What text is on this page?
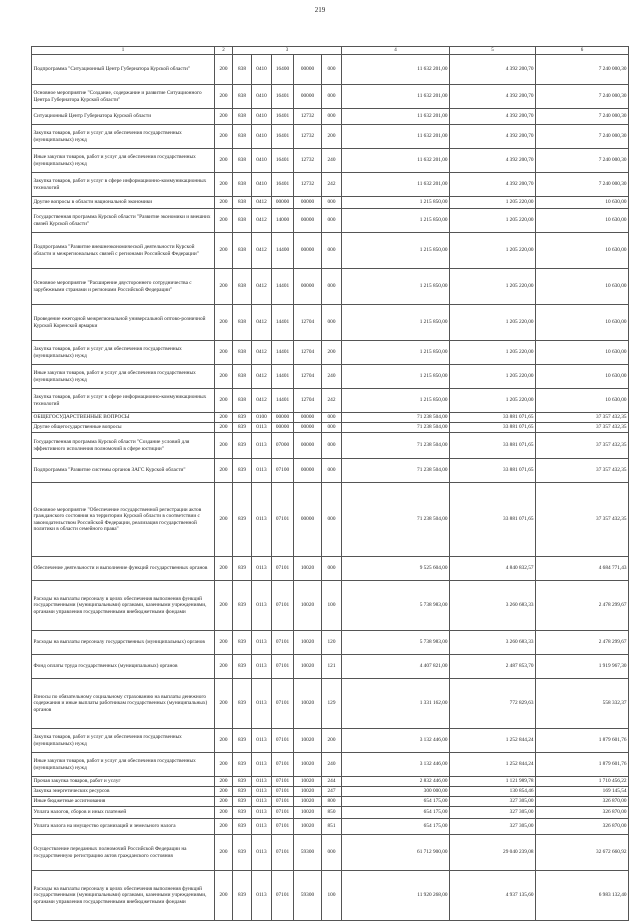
219
1	2	3					4	5	6
Подпрограмма "Ситуационный Центр Губернатора Курской области"	200	838	0410	16400	00000	000	11 632 201,00	4 392 200,70	7 240 000,30
Основное мероприятие "Создание, содержание и развитие Ситуационного Центра Губернатора Курской области"	200	838	0410	16401	00000	000	11 632 201,00	4 392 200,70	7 240 000,30
Ситуационный Центр Губернатора Курской области	200	838	0410	16401	12732	000	11 632 201,00	4 392 200,70	7 240 000,30
Закупка товаров, работ и услуг для обеспечения государственных (муниципальных) нужд	200	838	0410	16401	12732	200	11 632 201,00	4 392 200,70	7 240 000,30
Иные закупки товаров, работ и услуг для обеспечения государственных (муниципальных) нужд	200	838	0410	16401	12732	240	11 632 201,00	4 392 200,70	7 240 000,30
Закупка товаров, работ и услуг в сфере информационно-коммуникационных технологий	200	838	0410	16401	12732	242	11 632 201,00	4 392 200,70	7 240 000,30
Другие вопросы в области национальной экономики	200	838	0412	00000	00000	000	1 215 850,00	1 205 220,00	10 630,00
Государственная программа Курской области "Развитие экономики и внешних связей Курской области"	200	838	0412	14000	00000	000	1 215 850,00	1 205 220,00	10 630,00
Подпрограмма "Развитие внешнеэкономической деятельности Курской области и межрегиональных связей с регионами Российской Федерации"	200	838	0412	14400	00000	000	1 215 850,00	1 205 220,00	10 630,00
Основное мероприятие "Расширение двустороннего сотрудничества с зарубежными странами и регионами Российской Федерации"	200	838	0412	14401	00000	000	1 215 850,00	1 205 220,00	10 630,00
Проведение ежегодной межрегиональной универсальной оптово-розничной Курской Коренской ярмарки	200	838	0412	14401	12704	000	1 215 850,00	1 205 220,00	10 630,00
Закупка товаров, работ и услуг для обеспечения государственных (муниципальных) нужд	200	838	0412	14401	12704	200	1 215 850,00	1 205 220,00	10 630,00
Иные закупки товаров, работ и услуг для обеспечения государственных (муниципальных) нужд	200	838	0412	14401	12704	240	1 215 850,00	1 205 220,00	10 630,00
Закупка товаров, работ и услуг в сфере информационно-коммуникационных технологий	200	838	0412	14401	12704	242	1 215 850,00	1 205 220,00	10 630,00
ОБЩЕГОСУДАРСТВЕННЫЕ ВОПРОСЫ	200	839	0100	00000	00000	000	71 238 504,00	33 881 071,65	37 357 432,35
Другие общегосударственные вопросы	200	839	0113	00000	00000	000	71 238 504,00	33 881 071,65	37 357 432,35
Государственная программа Курской области "Создание условий для эффективного исполнения полномочий в сфере юстиции"	200	839	0113	07000	00000	000	71 238 504,00	33 881 071,65	37 357 432,35
Подпрограмма "Развитие системы органов ЗАГС Курской области"	200	839	0113	07100	00000	000	71 238 504,00	33 881 071,65	37 357 432,35
Основное мероприятие "Обеспечение государственной регистрации актов гражданского состояния на территории Курской области в соответствии с законодательством Российской Федерации, реализация государственной политики в области семейного права"	200	839	0113	07101	00000	000	71 238 504,00	33 881 071,65	37 357 432,35
Обеспечение деятельности и выполнение функций государственных органов	200	839	0113	07101	10020	000	9 525 604,00	4 840 832,57	4 684 771,43
Расходы на выплаты персоналу в целях обеспечения выполнения функций государственными (муниципальными) органами, казенными учреждениями, органами управления государственными внебюджетными фондами	200	839	0113	07101	10020	100	5 738 983,00	3 260 683,33	2 478 299,67
Расходы на выплаты персоналу государственных (муниципальных) органов	200	839	0113	07101	10020	120	5 738 983,00	3 260 683,33	2 478 299,67
Фонд оплаты труда государственных (муниципальных) органов	200	839	0113	07101	10020	121	4 407 821,00	2 487 853,70	1 919 967,30
Взносы по обязательному социальному страхованию на выплаты денежного содержания и иные выплаты работникам государственных (муниципальных) органов	200	839	0113	07101	10020	129	1 331 162,00	772 829,63	558 332,37
Закупка товаров, работ и услуг для обеспечения государственных (муниципальных) нужд	200	839	0113	07101	10020	200	3 132 446,00	1 252 844,24	1 879 601,76
Иные закупки товаров, работ и услуг для обеспечения государственных (муниципальных) нужд	200	839	0113	07101	10020	240	3 132 446,00	1 252 844,24	1 879 601,76
Прочая закупка товаров, работ и услуг	200	839	0113	07101	10020	244	2 832 446,00	1 121 989,78	1 710 456,22
Закупка энергетических ресурсов	200	839	0113	07101	10020	247	300 000,00	130 854,46	169 145,54
Иные бюджетные ассигнования	200	839	0113	07101	10020	800	654 175,00	327 305,00	326 870,00
Уплата налогов, сборов и иных платежей	200	839	0113	07101	10020	850	654 175,00	327 305,00	326 870,00
Уплата налога на имущество организаций и земельного налога	200	839	0113	07101	10020	851	654 175,00	327 305,00	326 870,00
Осуществление переданных полномочий Российской Федерации на государственную регистрацию актов гражданского состояния	200	839	0113	07101	59300	000	61 712 900,00	29 040 239,08	32 672 660,92
Расходы на выплаты персоналу в целях обеспечения выполнения функций государственными (муниципальными) органами, казенными учреждениями, органами управления государственными внебюджетными фондами	200	839	0113	07101	59300	100	11 920 268,00	4 937 135,60	6 983 132,40
